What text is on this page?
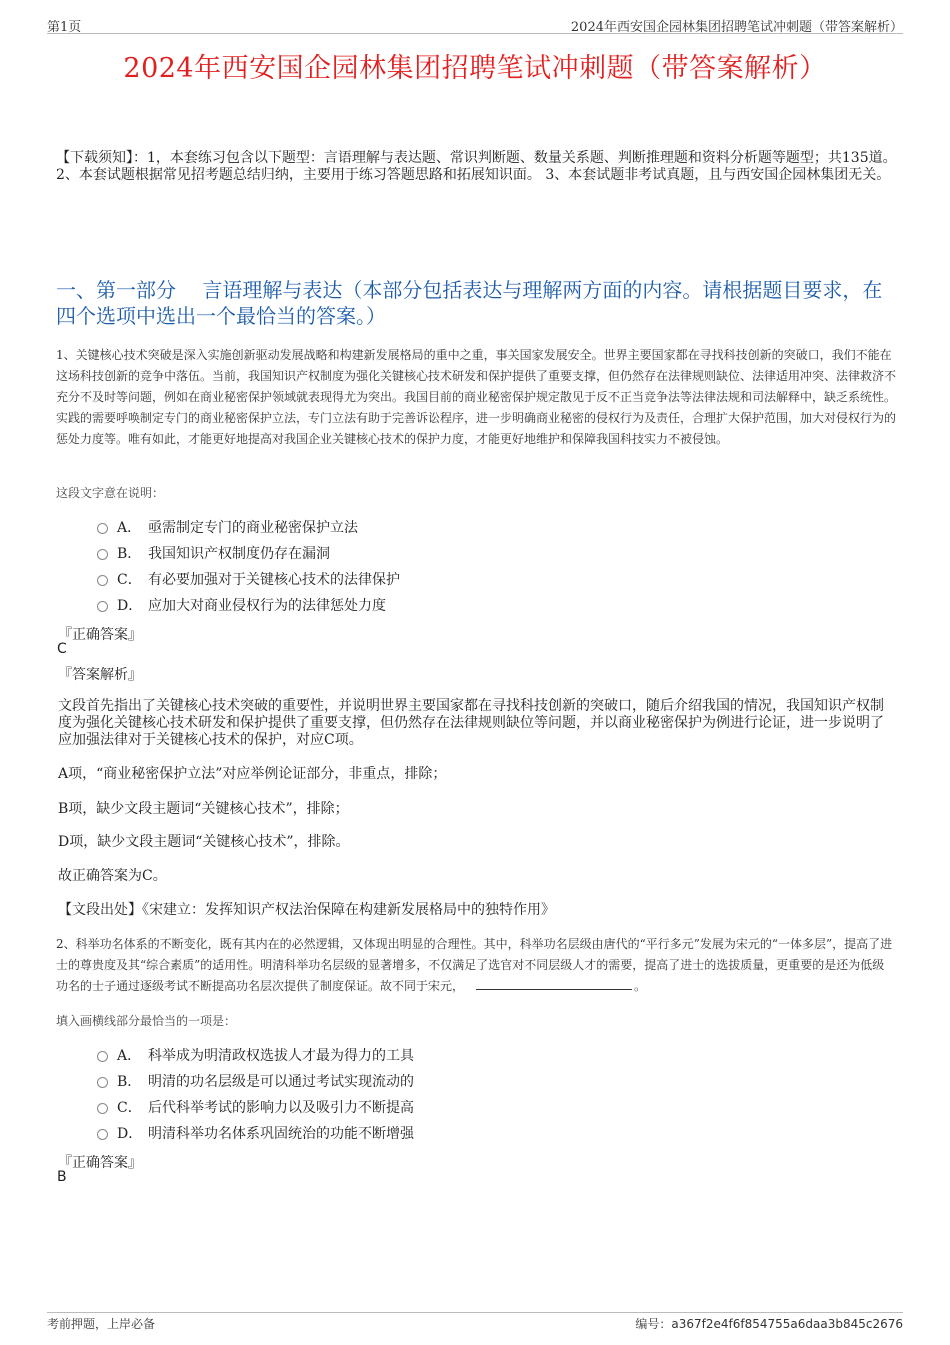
第1页	2024年西安国企园林集团招聘笔试冲刺题（带答案解析）
2024年西安国企园林集团招聘笔试冲刺题（带答案解析）
【下载须知】：1，本套练习包含以下题型：言语理解与表达题、常识判断题、数量关系题、判断推理题和资料分析题等题型；共135道。 2、本套试题根据常见招考题总结归纳，主要用于练习答题思路和拓展知识面。 3、本套试题非考试真题，且与西安国企园林集团无关。
一、第一部分　 言语理解与表达（本部分包括表达与理解两方面的内容。请根据题目要求，在四个选项中选出一个最恰当的答案。）
1、关键核心技术突破是深入实施创新驱动发展战略和构建新发展格局的重中之重，事关国家发展安全。世界主要国家都在寻找科技创新的突破口，我们不能在这场科技创新的竞争中落伍。当前，我国知识产权制度为强化关键核心技术研发和保护提供了重要支撑，但仍然存在法律规则缺位、法律适用冲突、法律救济不充分不及时等问题，例如在商业秘密保护领域就表现得尤为突出。我国目前的商业秘密保护规定散见于反不正当竞争法等法律法规和司法解释中，缺乏系统性。实践的需要呼唤制定专门的商业秘密保护立法，专门立法有助于完善诉讼程序，进一步明确商业秘密的侵权行为及责任，合理扩大保护范围，加大对侵权行为的惩处力度等。唯有如此，才能更好地提高对我国企业关键核心技术的保护力度，才能更好地维护和保障我国科技实力不被侵蚀。
这段文字意在说明：
A． 亟需制定专门的商业秘密保护立法
B． 我国知识产权制度仍存在漏洞
C． 有必要加强对于关键核心技术的法律保护
D． 应加大对商业侵权行为的法律惩处力度
『正确答案』
C
『答案解析』
文段首先指出了关键核心技术突破的重要性，并说明世界主要国家都在寻找科技创新的突破口，随后介绍我国的情况，我国知识产权制度为强化关键核心技术研发和保护提供了重要支撑，但仍然存在法律规则缺位等问题，并以商业秘密保护为例进行论证，进一步说明了应加强法律对于关键核心技术的保护，对应C项。
A项，“商业秘密保护立法”对应举例论证部分，非重点，排除；
B项，缺少文段主题词“关键核心技术”，排除；
D项，缺少文段主题词“关键核心技术”，排除。
故正确答案为C。
【文段出处】《宋建立：发挥知识产权法治保障在构建新发展格局中的独特作用》
2、科举功名体系的不断变化，既有其内在的必然逻辑，又体现出明显的合理性。其中，科举功名层级由唐代的“平行多元”发展为宋元的“一体多层”，提高了进士的尊贵度及其“综合素质”的适用性。明清科举功名层级的显著增多，不仅满足了选官对不同层级人才的需要，提高了进士的选拔质量，更重要的是还为低级功名的士子通过逐级考试不断提高功名层次提供了制度保证。故不同于宋元，	。
填入画横线部分最恰当的一项是：
A． 科举成为明清政权选拔人才最为得力的工具
B． 明清的功名层级是可以通过考试实现流动的
C． 后代科举考试的影响力以及吸引力不断提高
D． 明清科举功名体系巩固统治的功能不断增强
『正确答案』
B
考前押题，上岸必备	编号：a367f2e4f6f854755a6daa3b845c2676
